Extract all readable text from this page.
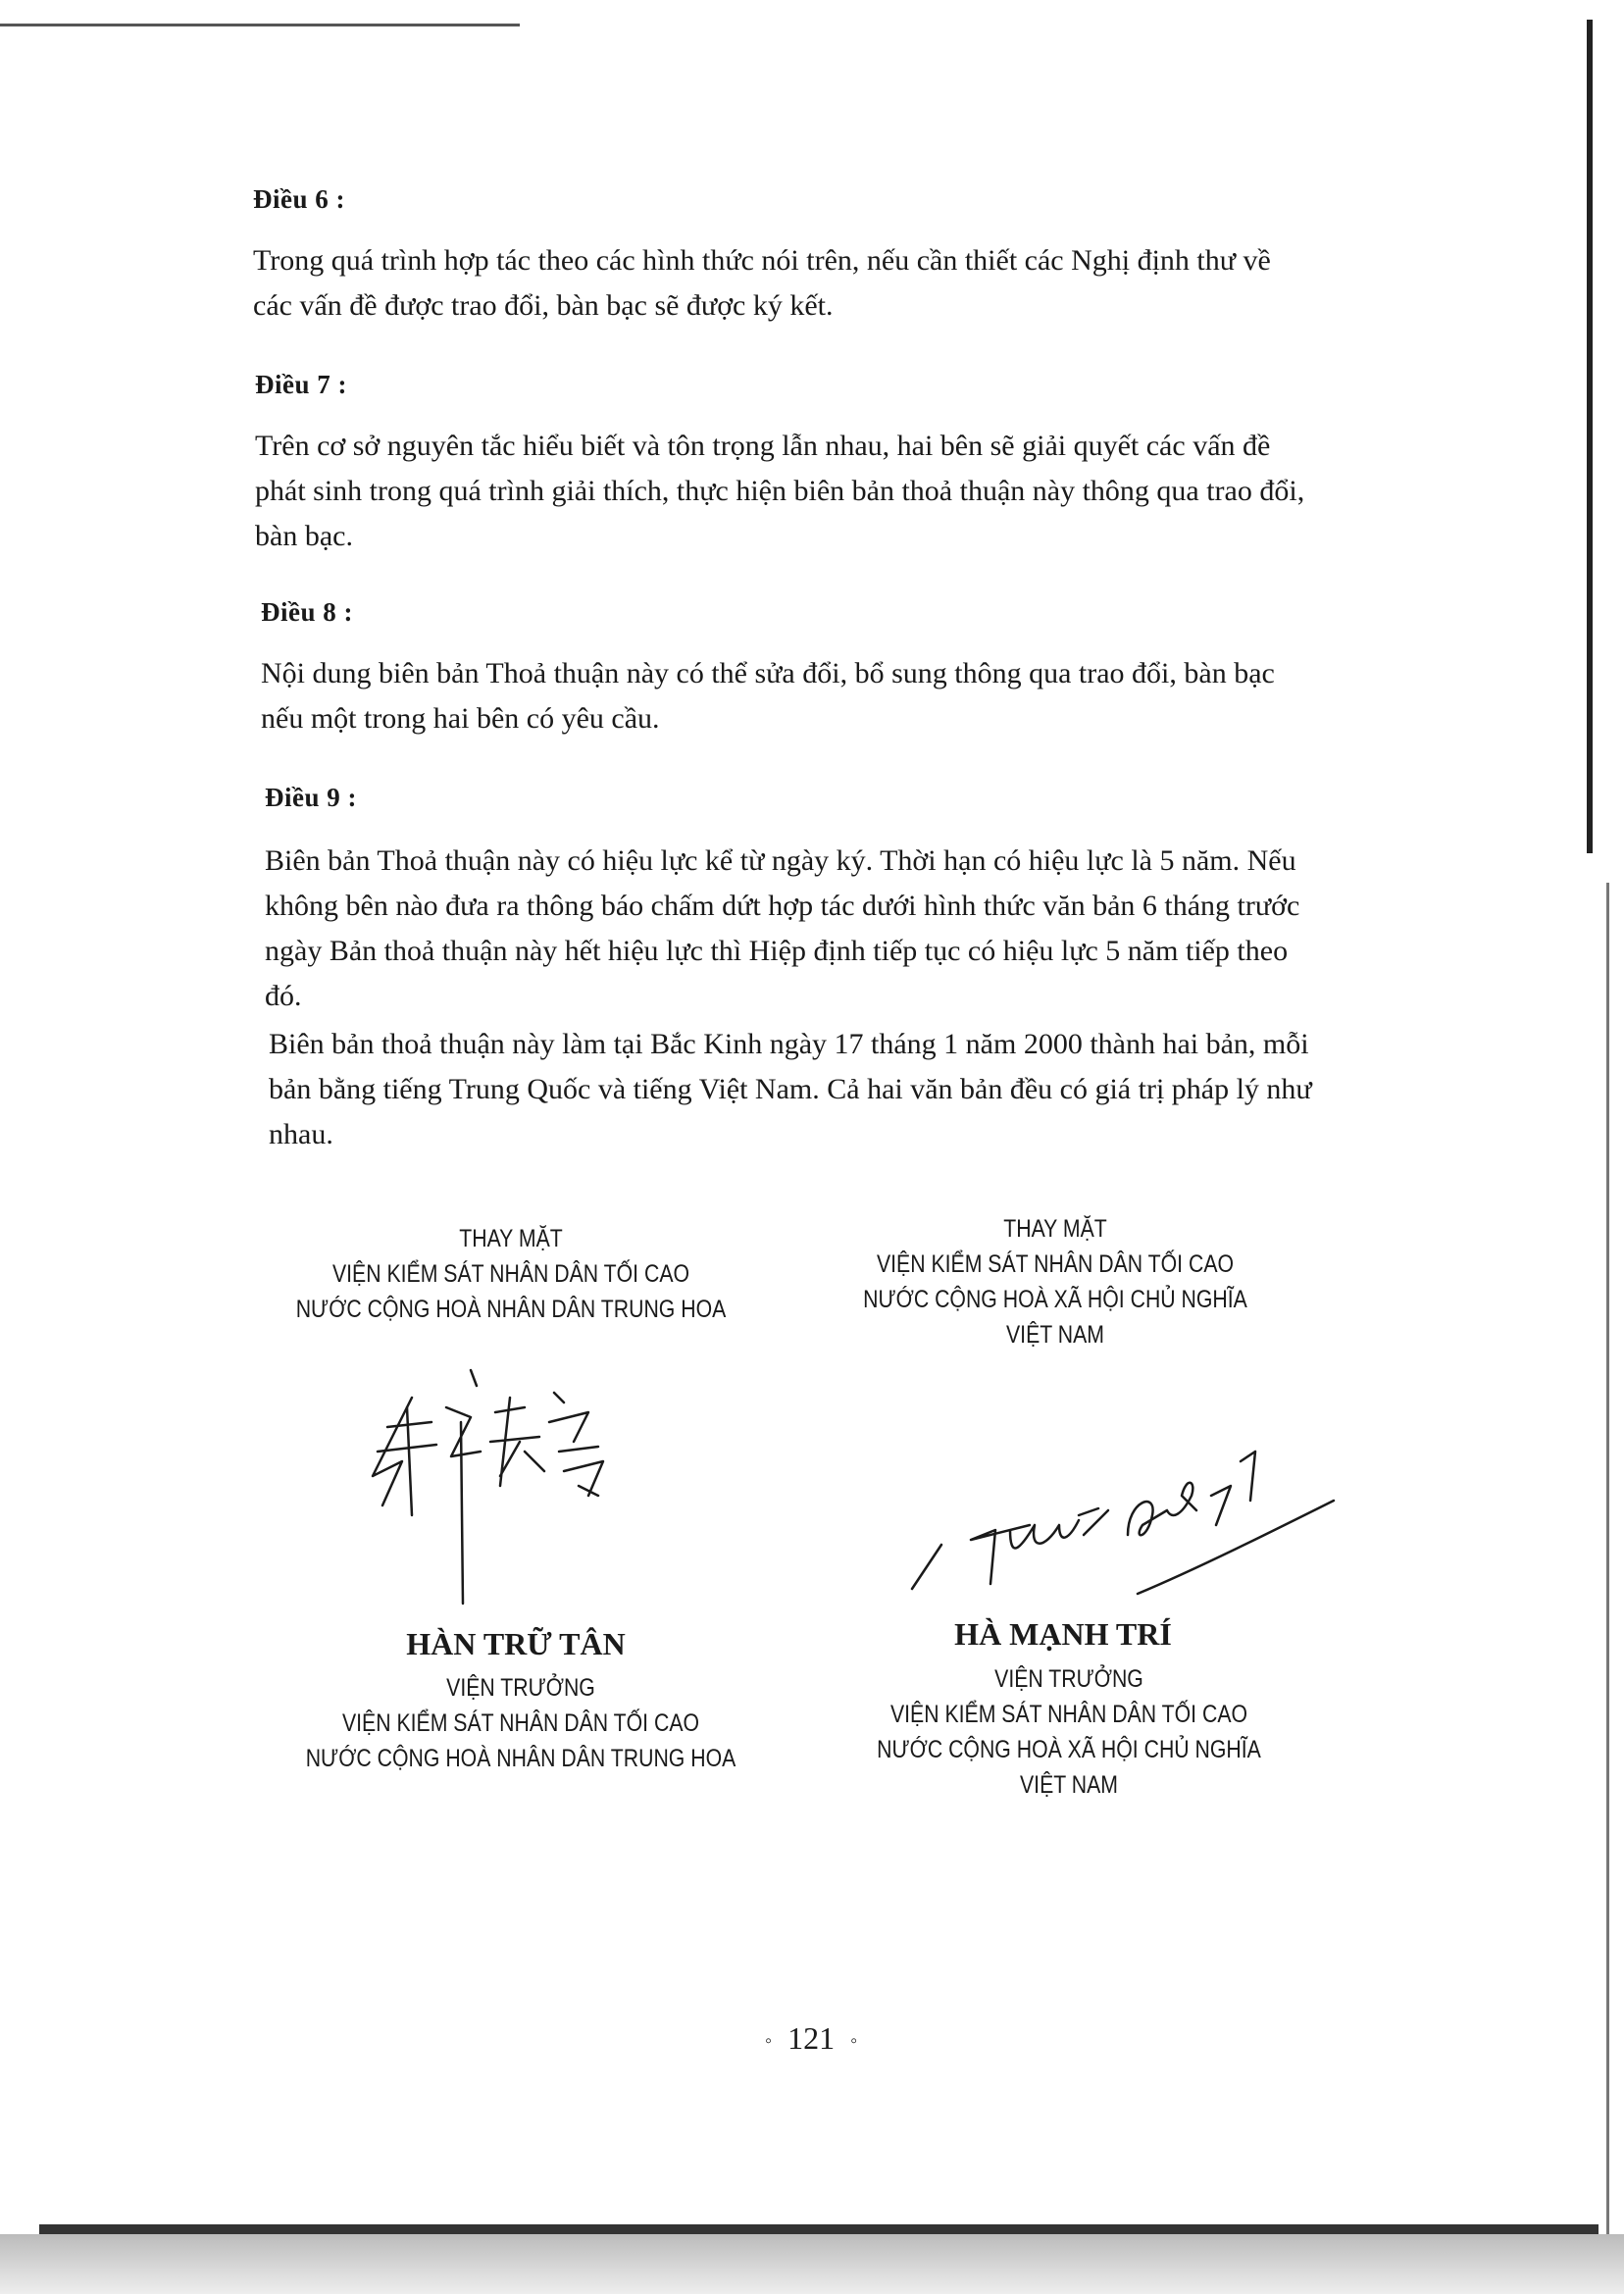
Điều 6 :
Trong quá trình hợp tác theo các hình thức nói trên, nếu cần thiết các Nghị định thư về các vấn đề được trao đổi, bàn bạc sẽ được ký kết.
Điều 7 :
Trên cơ sở nguyên tắc hiểu biết và tôn trọng lẫn nhau, hai bên sẽ giải quyết các vấn đề phát sinh trong quá trình giải thích, thực hiện biên bản thoả thuận này thông qua trao đổi, bàn bạc.
Điều 8 :
Nội dung biên bản Thoả thuận này có thể sửa đổi, bổ sung thông qua trao đổi, bàn bạc nếu một trong hai bên có yêu cầu.
Điều 9 :
Biên bản Thoả thuận này có hiệu lực kể từ ngày ký. Thời hạn có hiệu lực là 5 năm. Nếu không bên nào đưa ra thông báo chấm dứt hợp tác dưới hình thức văn bản 6 tháng trước ngày Bản thoả thuận này hết hiệu lực thì Hiệp định tiếp tục có hiệu lực 5 năm tiếp theo đó.
Biên bản thoả thuận này làm tại Bắc Kinh ngày 17 tháng 1 năm 2000 thành hai bản, mỗi bản bằng tiếng Trung Quốc và tiếng Việt Nam. Cả hai văn bản đều có giá trị pháp lý như nhau.
THAY MẶT
VIỆN KIỂM SÁT NHÂN DÂN TỐI CAO
NƯỚC CỘNG HOÀ NHÂN DÂN TRUNG HOA
THAY MẶT
VIỆN KIỂM SÁT NHÂN DÂN TỐI CAO
NƯỚC CỘNG HOÀ XÃ HỘI CHỦ NGHĨA
VIỆT NAM
HÀN TRỮ TÂN	HÀ MẠNH TRÍ
VIỆN TRƯỞNG
VIỆN KIỂM SÁT NHÂN DÂN TỐI CAO
NƯỚC CỘNG HOÀ NHÂN DÂN TRUNG HOA
VIỆN TRƯỞNG
VIỆN KIỂM SÁT NHÂN DÂN TỐI CAO
NƯỚC CỘNG HOÀ XÃ HỘI CHỦ NGHĨA
VIỆT NAM
◦ 121 ◦
